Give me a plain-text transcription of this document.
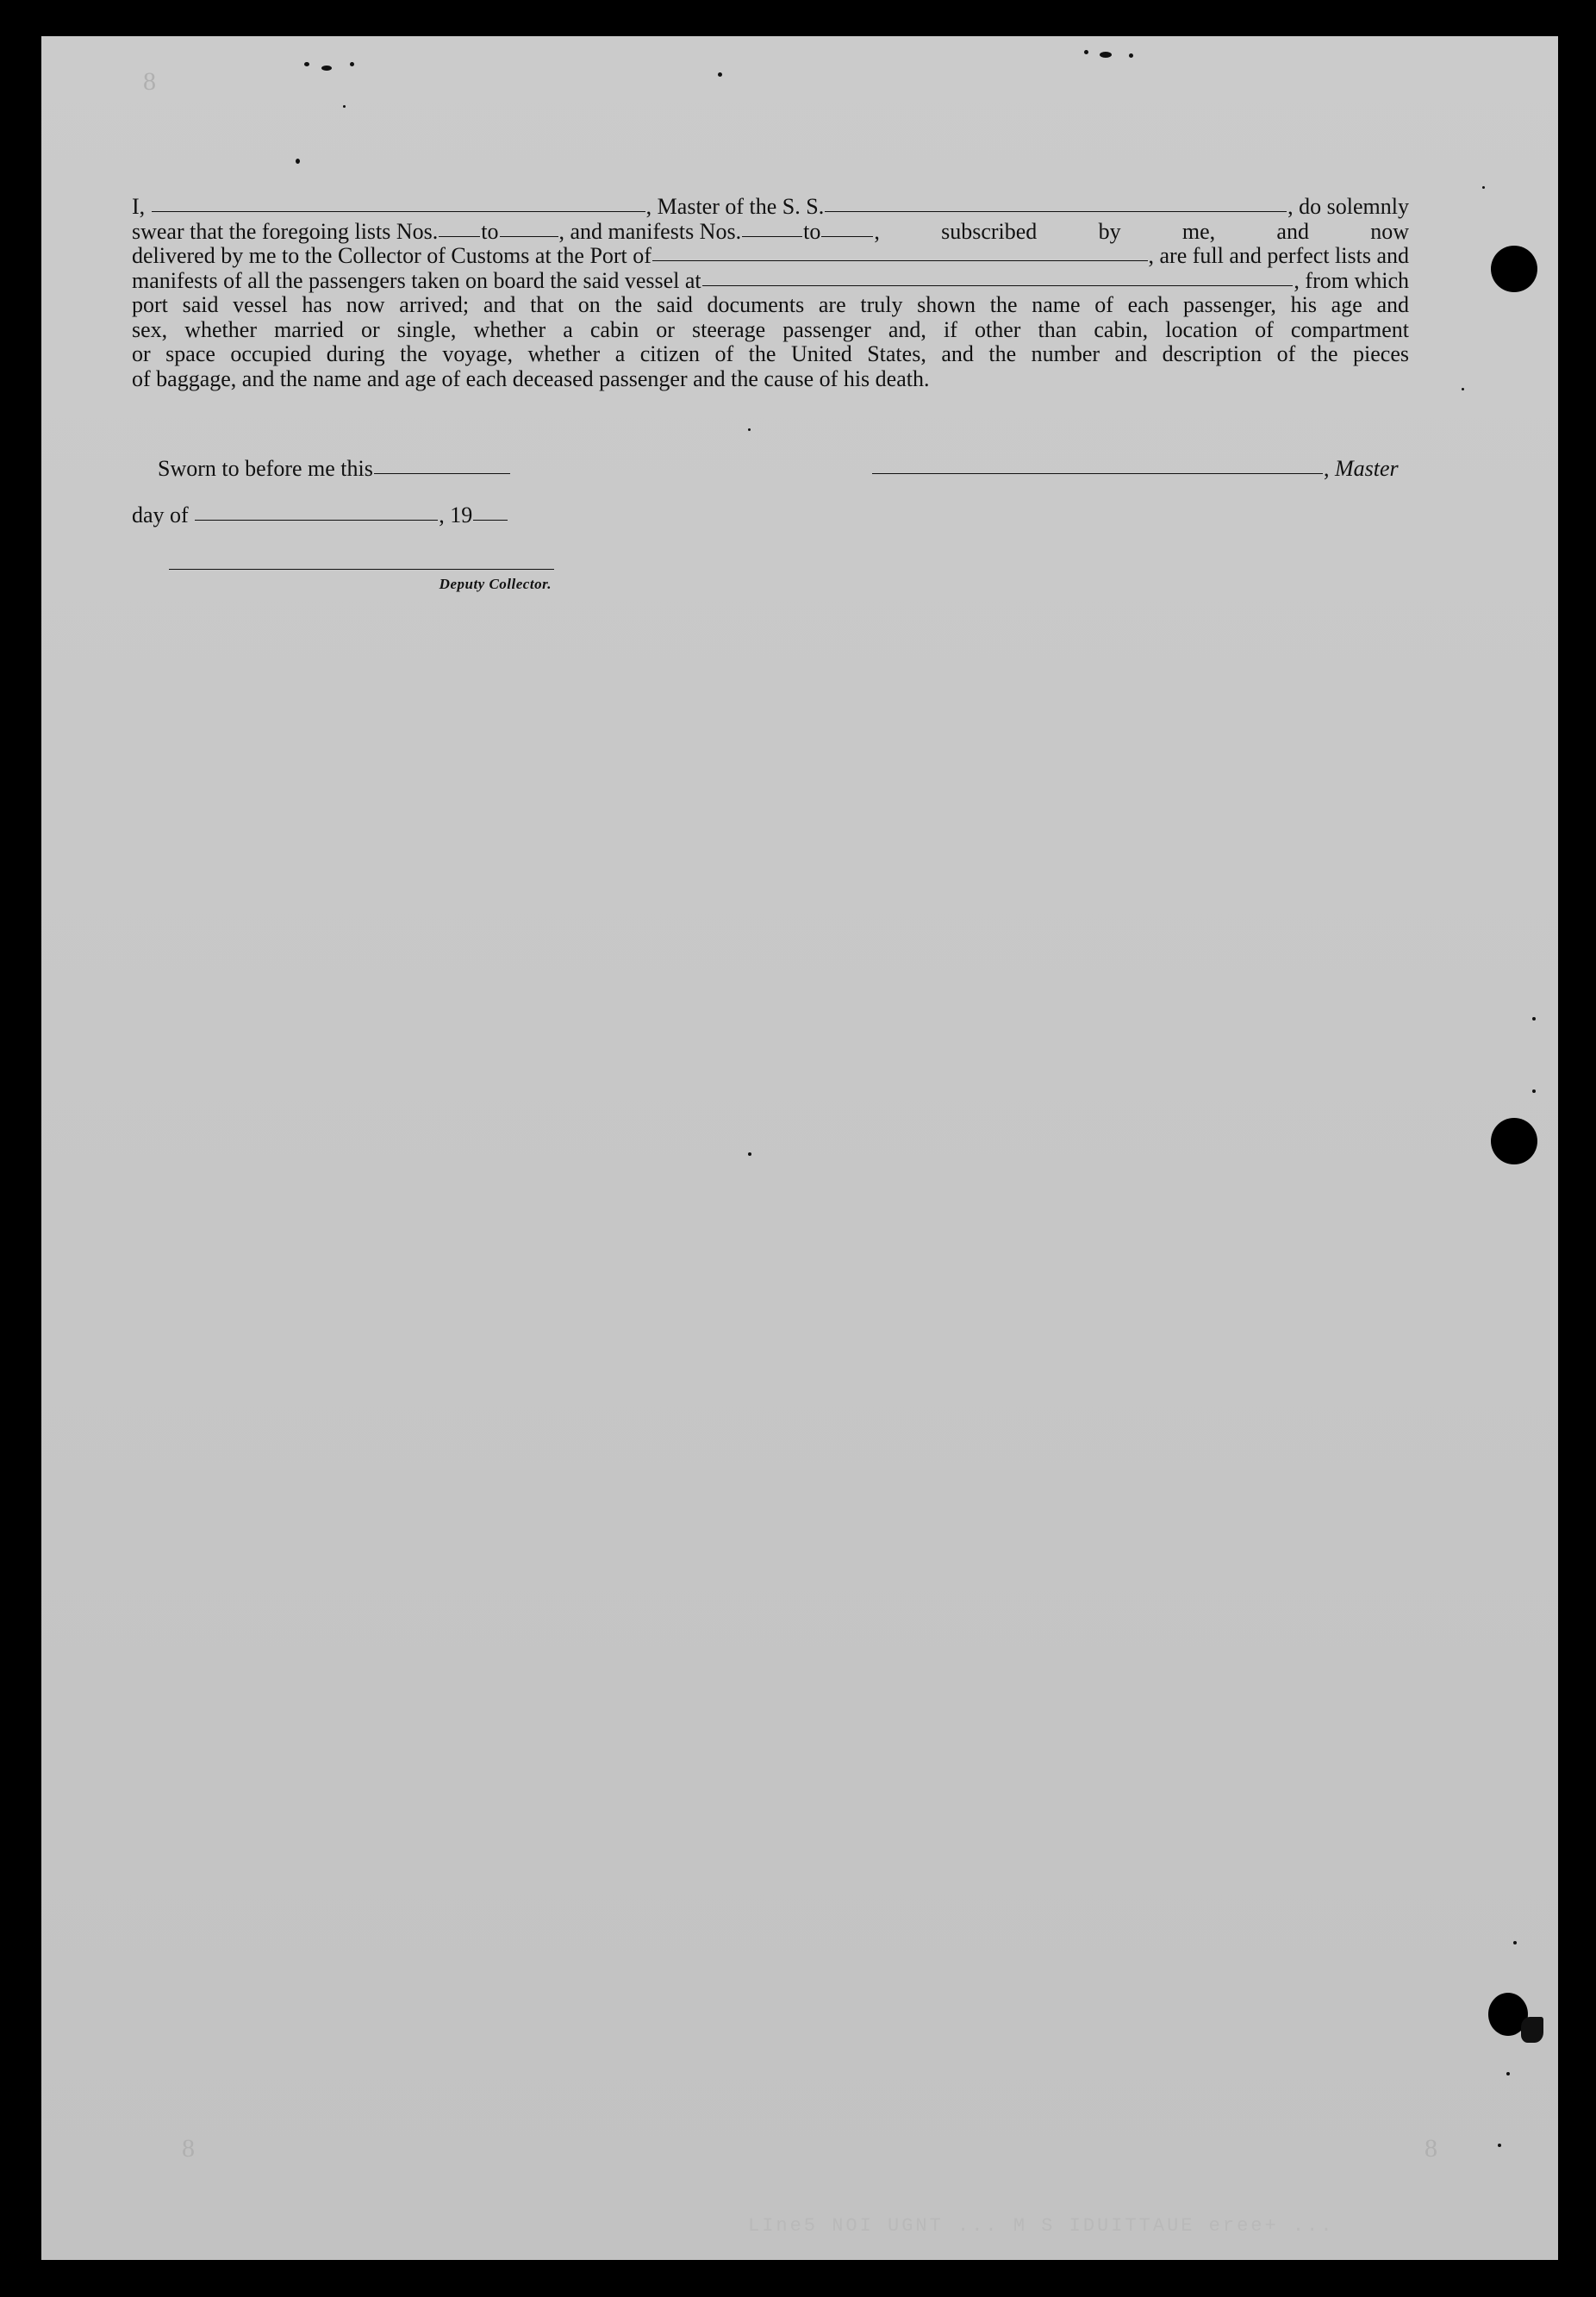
I,	, Master of the S. S.	, do solemnly
swear that the foregoing lists Nos. to	, and manifests Nos.	to , subscribed by me, and now
delivered by me to the Collector of Customs at the Port of	, are full and perfect lists and
manifests of all the passengers taken on board the said vessel at	, from which
port said vessel has now arrived; and that on the said documents are truly shown the name of each passenger, his age and
sex, whether married or single, whether a cabin or steerage passenger and, if other than cabin, location of compartment
or space occupied during the voyage, whether a citizen of the United States, and the number and description of the pieces
of baggage, and the name and age of each deceased passenger and the cause of his death.
Sworn to before me this	, Master
day of	, 19
Deputy Collector.
8
8	8
LIne5 NOI UGNT ... M S IDUITTAUE eree+ ...
